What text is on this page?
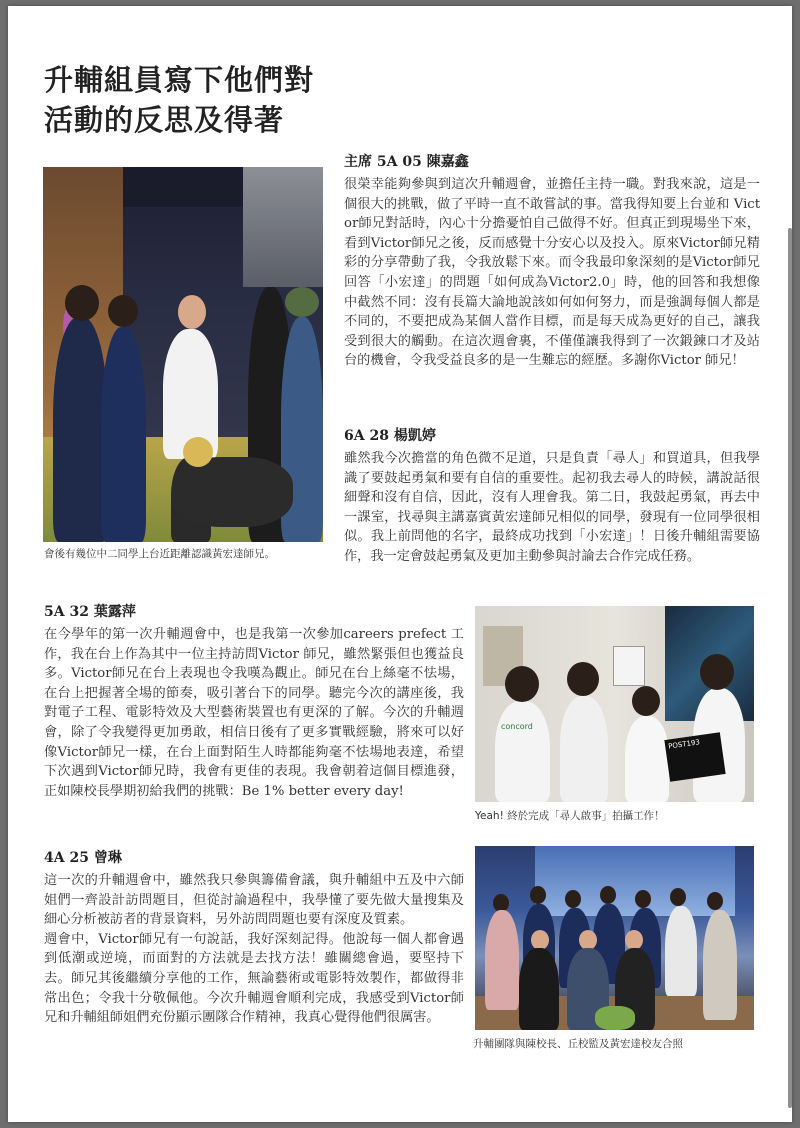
升輔組員寫下他們對
活動的反思及得著

會後有幾位中二同學上台近距離認識黃宏達師兄。

主席 5A 05 陳嘉鑫

很榮幸能夠參與到這次升輔週會，並擔任主持一職。對我來說，這是一個很大的挑戰，做了平時一直不敢嘗試的事。當我得知要上台並和 Victor師兄對話時，內心十分擔憂怕自己做得不好。但真正到現場坐下來，看到Victor師兄之後，反而感覺十分安心以及投入。原來Victor師兄精彩的分享帶動了我，令我放鬆下來。而令我最印象深刻的是Victor師兄回答「小宏達」的問題「如何成為Victor2.0」時，他的回答和我想像中截然不同：沒有長篇大論地說該如何如何努力，而是強調每個人都是不同的，不要把成為某個人當作目標，而是每天成為更好的自己，讓我受到很大的觸動。在這次週會裏，不僅僅讓我得到了一次鍛鍊口才及站台的機會，令我受益良多的是一生難忘的經歷。多謝你Victor 師兄！

6A 28 楊凱婷

雖然我今次擔當的角色微不足道，只是負責「尋人」和買道具，但我學識了要鼓起勇氣和要有自信的重要性。起初我去尋人的時候，講說話很細聲和沒有自信，因此，沒有人理會我。第二日，我鼓起勇氣，再去中一課室，找尋與主講嘉賓黃宏達師兄相似的同學，發現有一位同學很相似。我上前問他的名字，最終成功找到「小宏達」！日後升輔組需要協作，我一定會鼓起勇氣及更加主動參與討論去合作完成任務。

5A 32 葉露萍

在今學年的第一次升輔週會中，也是我第一次參加careers prefect 工作，我在台上作為其中一位主持訪問Victor 師兄，雖然緊張但也獲益良多。Victor師兄在台上表現也令我嘆為觀止。師兄在台上絲毫不怯場，在台上把握著全場的節奏，吸引著台下的同學。聽完今次的講座後，我對電子工程、電影特效及大型藝術裝置也有更深的了解。今次的升輔週會，除了令我變得更加勇敢，相信日後有了更多實戰經驗，將來可以好像Victor師兄一樣，在台上面對陌生人時都能夠毫不怯場地表達，希望下次遇到Victor師兄時，我會有更佳的表現。我會朝着這個目標進發，正如陳校長學期初給我們的挑戰：Be 1% better every day!

concord
POST193

Yeah! 終於完成「尋人啟事」拍攝工作！

4A 25 曾琳

這一次的升輔週會中，雖然我只參與籌備會議，與升輔組中五及中六師姐們一齊設計訪問題目，但從討論過程中，我學懂了要先做大量搜集及細心分析被訪者的背景資料，另外訪問問題也要有深度及質素。

週會中，Victor師兄有一句說話，我好深刻記得。他說每一個人都會遇到低潮或逆境，而面對的方法就是去找方法！雖關總會過，要堅持下去。師兄其後繼續分享他的工作，無論藝術或電影特效製作，都做得非常出色；令我十分敬佩他。今次升輔週會順利完成，我感受到Victor師兄和升輔組師姐們充份顯示團隊合作精神，我真心覺得他們很厲害。

升輔團隊與陳校長、丘校監及黃宏達校友合照
